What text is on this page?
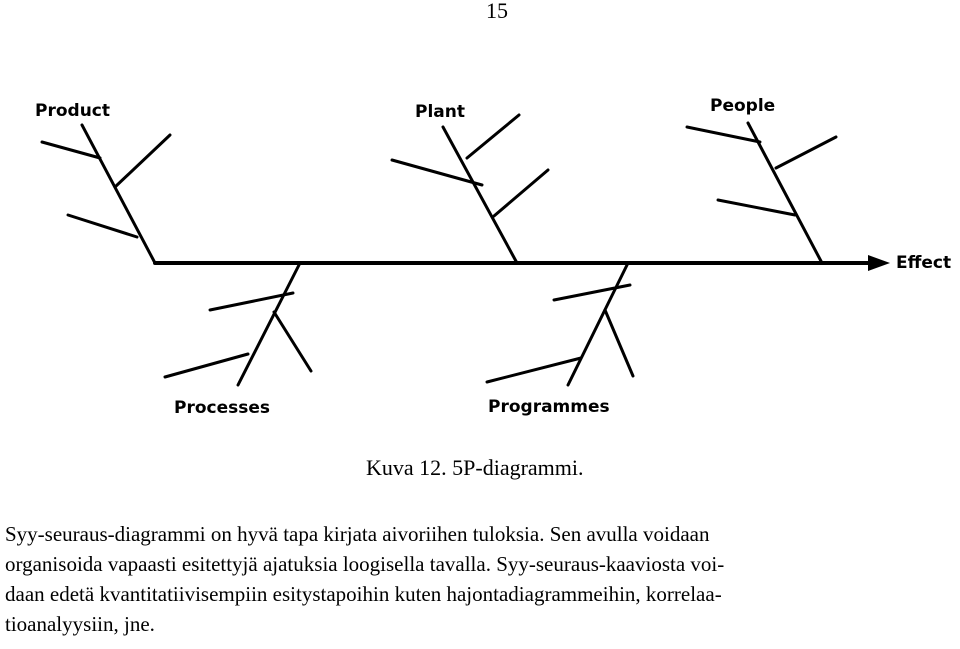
15
Product	Plant	People
Processes	Programmes
Effect
Kuva 12. 5P-diagrammi.

Syy-seuraus-diagrammi on hyvä tapa kirjata aivoriihen tuloksia. Sen avulla voidaan
organisoida vapaasti esitettyjä ajatuksia loogisella tavalla. Syy-seuraus-kaaviosta voi-
daan edetä kvantitatiivisempiin esitystapoihin kuten hajontadiagrammeihin, korrelaa-
tioanalyysiin, jne.
